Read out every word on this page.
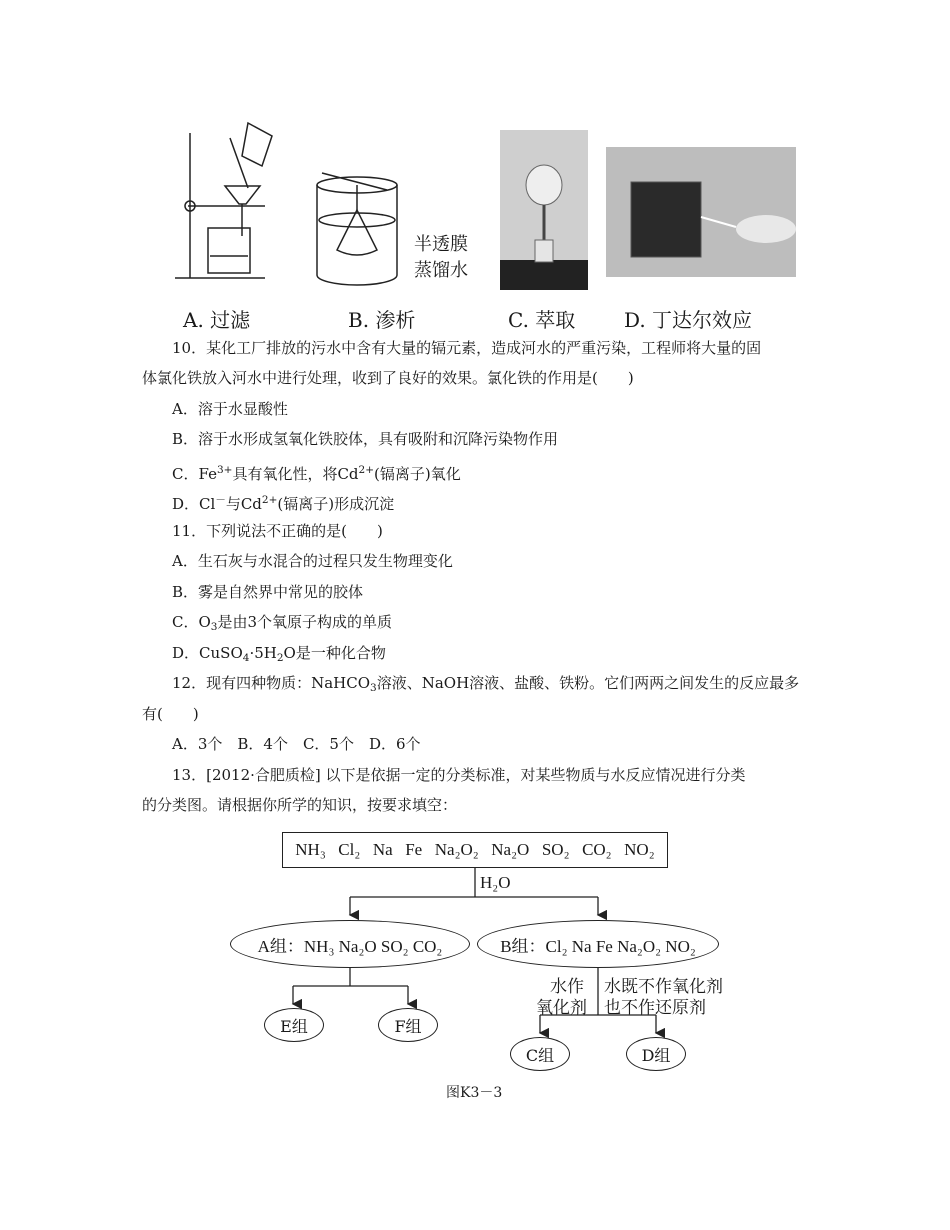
半透膜
蒸馏水
A. 过滤	B. 渗析	C. 萃取 D. 丁达尔效应
10．某化工厂排放的污水中含有大量的镉元素，造成河水的严重污染，工程师将大量的固
体氯化铁放入河水中进行处理，收到了良好的效果。氯化铁的作用是(　　)
A．溶于水显酸性
B．溶于水形成氢氧化铁胶体，具有吸附和沉降污染物作用
C．$Fe^{3+}$具有氧化性，将$Cd^{2+}$(镉离子)氧化
D．Cl－与$Cd^{2+}$(镉离子)形成沉淀
11．下列说法不正确的是(　　)
A．生石灰与水混合的过程只发生物理变化
B．雾是自然界中常见的胶体
C．$O_3$是由3个氧原子构成的单质
D．$CuSO_4\cdot 5H_2O$是一种化合物
12．现有四种物质：NaHCO$_3$溶液、NaOH溶液、盐酸、铁粉。它们两两之间发生的反应最多
有(　　)
A．3个　B．4个　C．5个　D．6个
13．[2012·合肥质检] 以下是依据一定的分类标准，对某些物质与水反应情况进行分类
的分类图。请根据你所学的知识，按要求填空：
NH₃ Cl₂ Na Fe Na₂O₂ Na₂O SO₂ CO₂ NO₂
H₂O
A组：NH₃ Na₂O SO₂ CO₂	B组：Cl₂ Na Fe Na₂O₂ NO₂
水作
氧化剂
水既不作氧化剂
也不作还原剂
E组	F组
C组	D组
图K3－3
